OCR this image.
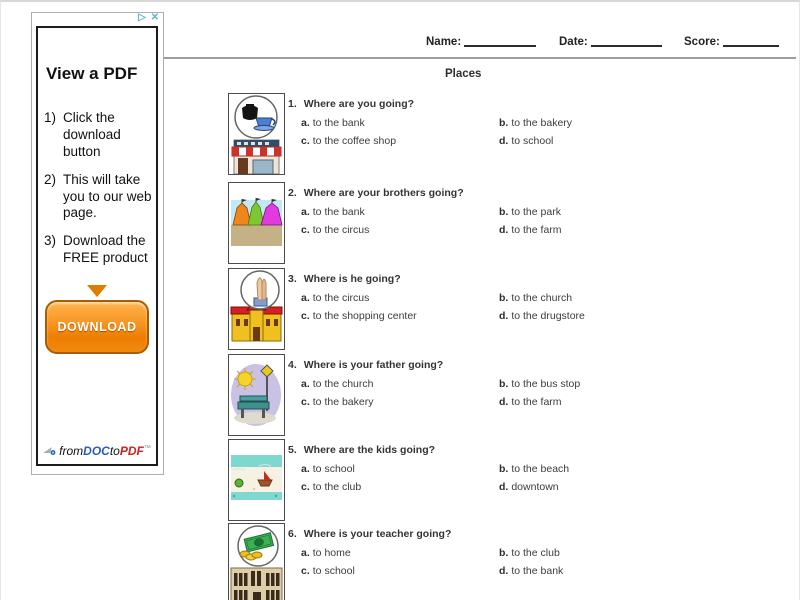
▷ ✕
View a PDF
1) Click the download button
2) This will take you to our web page.
3) Download the FREE product
DOWNLOAD
fromDOCtoPDF™
Name:	Date:	Score:
Places
1. Where are you going?
a. to the bank	b. to the bakery
c. to the coffee shop	d. to school
2. Where are your brothers going?
a. to the bank	b. to the park
c. to the circus	d. to the farm
3. Where is he going?
a. to the circus	b. to the church
c. to the shopping center	d. to the drugstore
4. Where is your father going?
a. to the church	b. to the bus stop
c. to the bakery	d. to the farm
5. Where are the kids going?
a. to school	b. to the beach
c. to the club	d. downtown
6. Where is your teacher going?
a. to home	b. to the club
c. to school	d. to the bank
